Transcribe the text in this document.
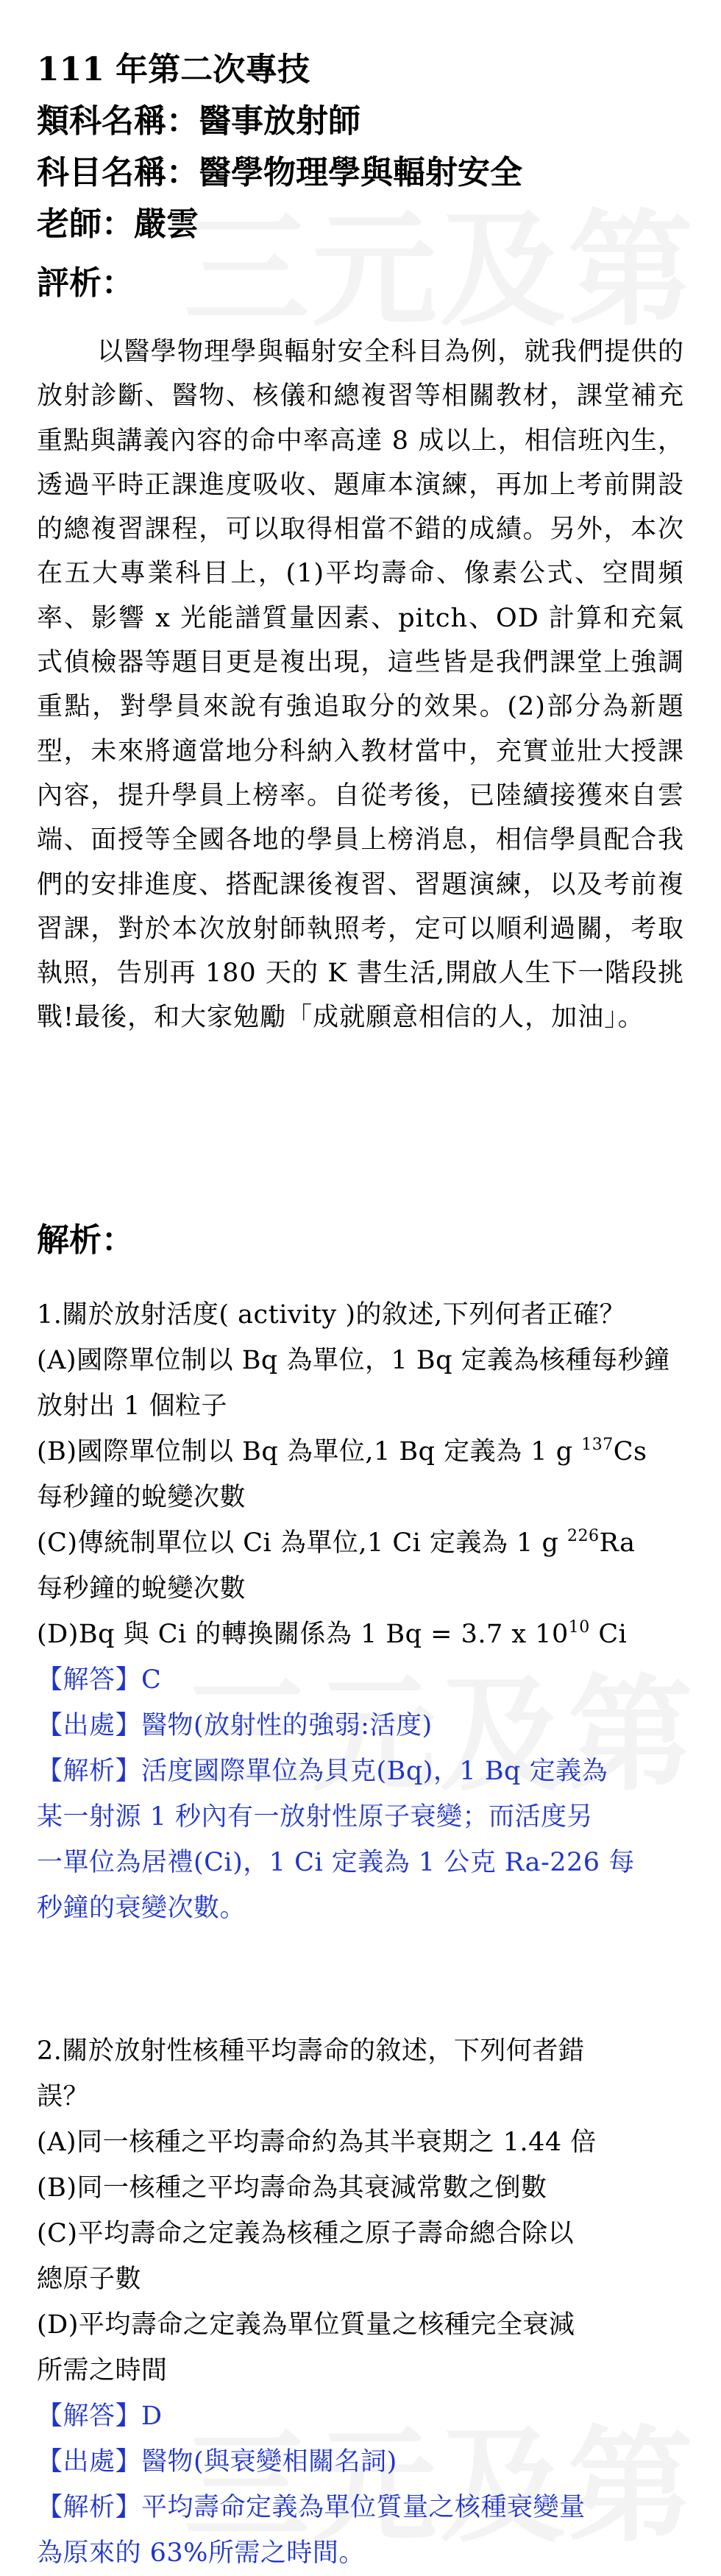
111 年第二次專技
類科名稱：醫事放射師
科目名稱：醫學物理學與輻射安全
老師：嚴雲
評析：
以醫學物理學與輻射安全科目為例，就我們提供的放射診斷、醫物、核儀和總複習等相關教材，課堂補充重點與講義內容的命中率高達 8 成以上，相信班內生，透過平時正課進度吸收、題庫本演練，再加上考前開設的總複習課程，可以取得相當不錯的成績。另外，本次在五大專業科目上，(1)平均壽命、像素公式、空間頻率、影響 x 光能譜質量因素、pitch、OD 計算和充氣式偵檢器等題目更是複出現，這些皆是我們課堂上強調重點，對學員來說有強追取分的效果。(2)部分為新題型，未來將適當地分科納入教材當中，充實並壯大授課內容，提升學員上榜率。自從考後，已陸續接獲來自雲端、面授等全國各地的學員上榜消息，相信學員配合我們的安排進度、搭配課後複習、習題演練，以及考前複習課，對於本次放射師執照考，定可以順利過關，考取執照，告別再 180 天的 K 書生活,開啟人生下一階段挑戰!最後，和大家勉勵「成就願意相信的人，加油」。
解析：
1.關於放射活度( activity )的敘述,下列何者正確？
(A)國際單位制以 Bq 為單位，1 Bq 定義為核種每秒鐘放射出 1 個粒子
(B)國際單位制以 Bq 為單位,1 Bq 定義為 1 g $^{137}$Cs
每秒鐘的蛻變次數
(C)傳統制單位以 Ci 為單位,1 Ci 定義為 1 g $^{226}$Ra
每秒鐘的蛻變次數
(D)Bq 與 Ci 的轉換關係為 1 Bq = 3.7 x $10^{10}$ Ci
【解答】C
【出處】醫物(放射性的強弱:活度)
【解析】活度國際單位為貝克(Bq)，1 Bq 定義為
某一射源 1 秒內有一放射性原子衰變；而活度另
一單位為居禮(Ci)，1 Ci 定義為 1 公克 Ra-226 每
秒鐘的衰變次數。
2.關於放射性核種平均壽命的敘述，下列何者錯
誤？
(A)同一核種之平均壽命約為其半衰期之 1.44 倍
(B)同一核種之平均壽命為其衰減常數之倒數
(C)平均壽命之定義為核種之原子壽命總合除以
總原子數
(D)平均壽命之定義為單位質量之核種完全衰減
所需之時間
【解答】D
【出處】醫物(與衰變相關名詞)
【解析】平均壽命定義為單位質量之核種衰變量
為原來的 63%所需之時間。
